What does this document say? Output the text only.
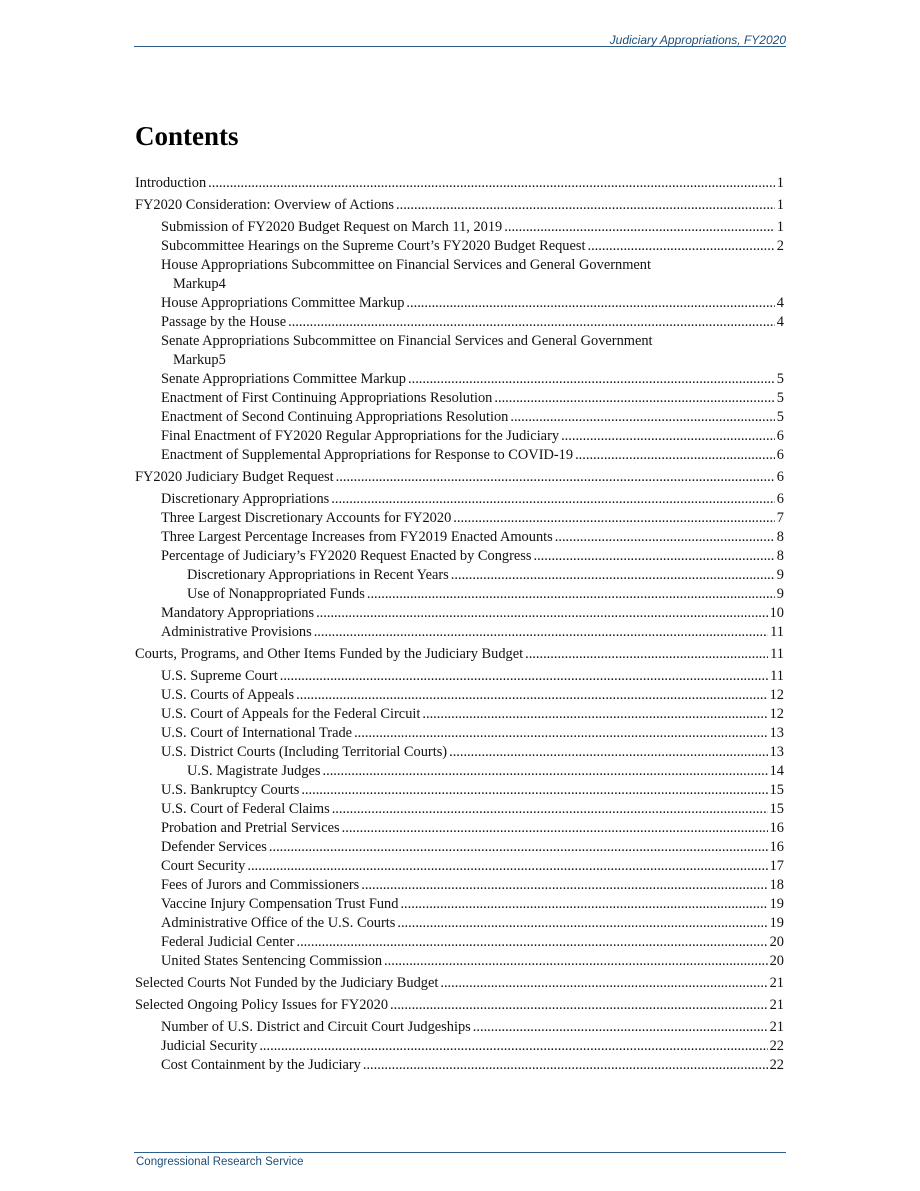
Judiciary Appropriations, FY2020

Contents
Introduction . . .	1
FY2020 Consideration: Overview of Actions . . .	1
Submission of FY2020 Budget Request on March 11, 2019 . . .	1
Subcommittee Hearings on the Supreme Court’s FY2020 Budget Request . . .	2
House Appropriations Subcommittee on Financial Services and General Government
Markup 4
House Appropriations Committee Markup . . .	4
Passage by the House . . .	4
Senate Appropriations Subcommittee on Financial Services and General Government
Markup 5
Senate Appropriations Committee Markup . . .	5
Enactment of First Continuing Appropriations Resolution . . .	5
Enactment of Second Continuing Appropriations Resolution . . .	5
Final Enactment of FY2020 Regular Appropriations for the Judiciary . . .	6
Enactment of Supplemental Appropriations for Response to COVID-19 . . .	6
FY2020 Judiciary Budget Request . . .	6
Discretionary Appropriations . . .	6
Three Largest Discretionary Accounts for FY2020 . . .	7
Three Largest Percentage Increases from FY2019 Enacted Amounts . . .	8
Percentage of Judiciary’s FY2020 Request Enacted by Congress . . .	8
Discretionary Appropriations in Recent Years . . .	9
Use of Nonappropriated Funds . . .	9
Mandatory Appropriations . . .	10
Administrative Provisions . . .	11
Courts, Programs, and Other Items Funded by the Judiciary Budget . . .	11
U.S. Supreme Court . . .	11
U.S. Courts of Appeals . . .	12
U.S. Court of Appeals for the Federal Circuit . . .	12
U.S. Court of International Trade . . .	13
U.S. District Courts (Including Territorial Courts) . . .	13
U.S. Magistrate Judges . . .	14
U.S. Bankruptcy Courts . . .	15
U.S. Court of Federal Claims . . .	15
Probation and Pretrial Services . . .	16
Defender Services . . .	16
Court Security . . .	17
Fees of Jurors and Commissioners . . .	18
Vaccine Injury Compensation Trust Fund . . .	19
Administrative Office of the U.S. Courts . . .	19
Federal Judicial Center . . .	20
United States Sentencing Commission . . .	20
Selected Courts Not Funded by the Judiciary Budget . . .	21
Selected Ongoing Policy Issues for FY2020 . . .	21
Number of U.S. District and Circuit Court Judgeships . . .	21
Judicial Security . . .	22
Cost Containment by the Judiciary . . .	22

Congressional Research Service
